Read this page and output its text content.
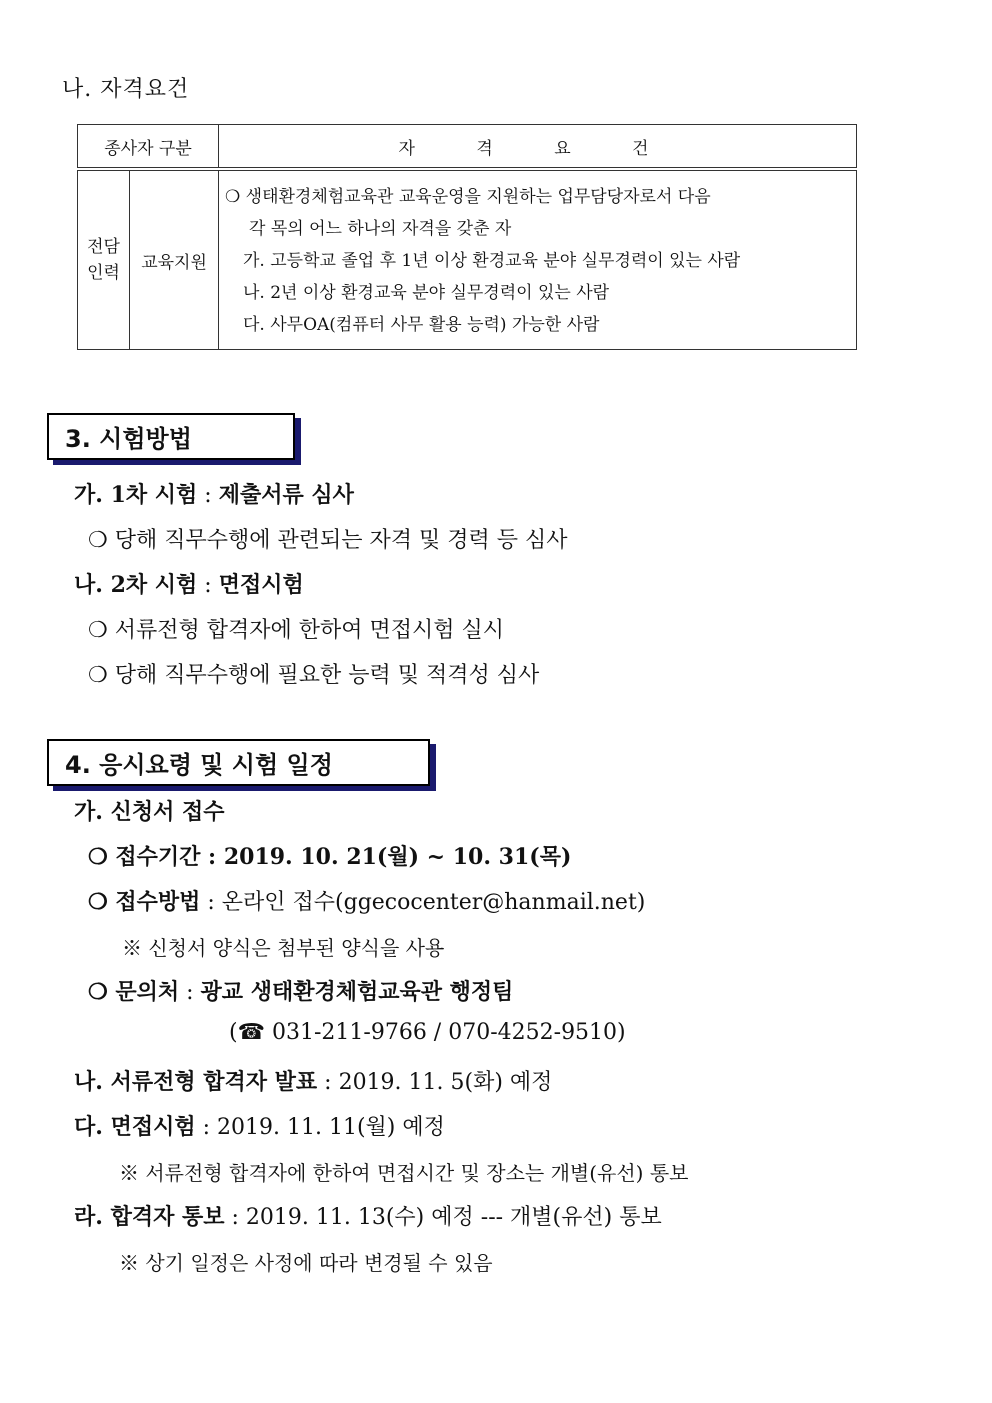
나. 자격요건
종사자 구분		자 격 요 건
전담 인력	교육지원	❍ 생태환경체험교육관 교육운영을 지원하는 업무담당자로서 다음
각 목의 어느 하나의 자격을 갖춘 자
가. 고등학교 졸업 후 1년 이상 환경교육 분야 실무경력이 있는 사람
나. 2년 이상 환경교육 분야 실무경력이 있는 사람
다. 사무OA(컴퓨터 사무 활용 능력) 가능한 사람
3. 시험방법
가. 1차 시험 : 제출서류 심사
❍ 당해 직무수행에 관련되는 자격 및 경력 등 심사
나. 2차 시험 : 면접시험
❍ 서류전형 합격자에 한하여 면접시험 실시
❍ 당해 직무수행에 필요한 능력 및 적격성 심사
4. 응시요령 및 시험 일정
가. 신청서 접수
❍ 접수기간 : 2019. 10. 21(월) ~ 10. 31(목)
❍ 접수방법 : 온라인 접수(ggecocenter@hanmail.net)
※ 신청서 양식은 첨부된 양식을 사용
❍ 문의처 : 광교 생태환경체험교육관 행정팀
(☎ 031-211-9766 / 070-4252-9510)
나. 서류전형 합격자 발표 : 2019. 11. 5(화) 예정
다. 면접시험 : 2019. 11. 11(월) 예정
※ 서류전형 합격자에 한하여 면접시간 및 장소는 개별(유선) 통보
라. 합격자 통보 : 2019. 11. 13(수) 예정 --- 개별(유선) 통보
※ 상기 일정은 사정에 따라 변경될 수 있음
